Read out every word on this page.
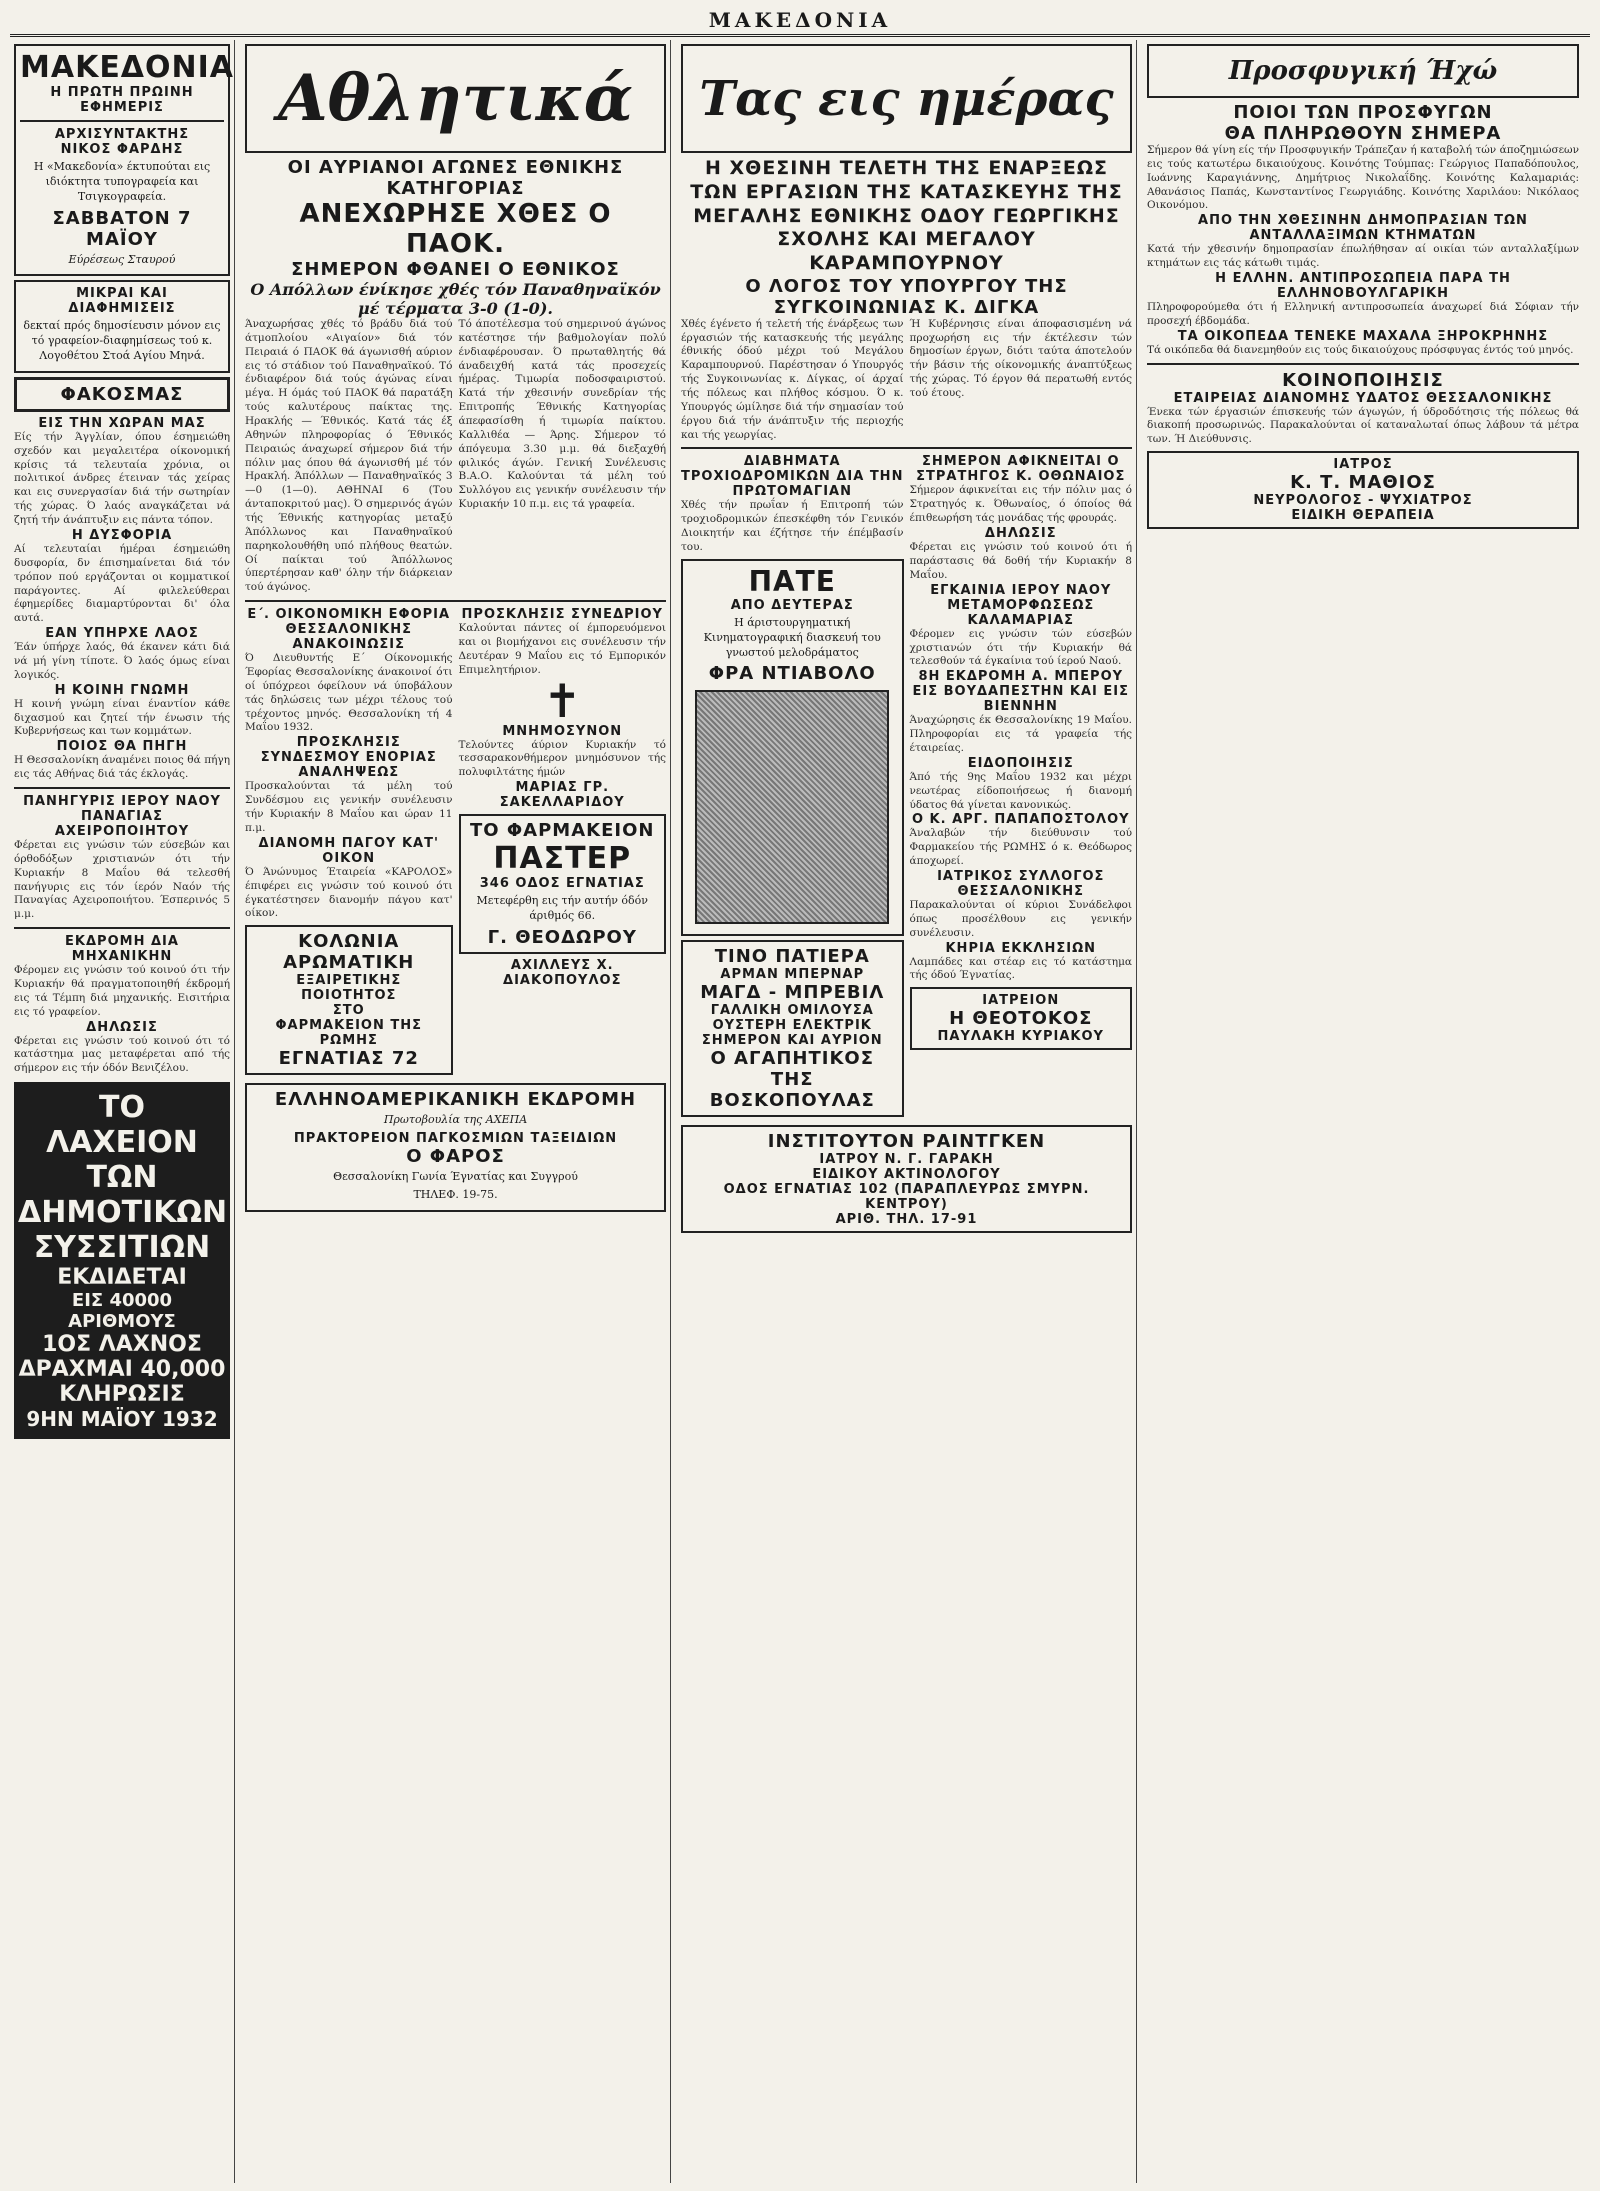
ΜΑΚΕΔΟΝΙΑ
ΜΑΚΕΔΟΝΙΑ
Η ΠΡΩΤΗ ΠΡΩΙΝΗ ΕΦΗΜΕΡΙΣ
ΑΡΧΙΣΥΝΤΑΚΤΗΣ
ΝΙΚΟΣ ΦΑΡΔΗΣ
Η «Μακεδονία» έκτυπούται εις ιδιόκτητα τυπογραφεία και Τσιγκογραφεία.
ΣΑΒΒΑΤΟΝ 7 ΜΑΪΟΥ
Εύρέσεως Σταυρού
ΜΙΚΡΑΙ ΚΑΙ ΔΙΑΦΗΜΙΣΕΙΣ
δεκταί πρός δημοσίευσιν μόνον εις τό γραφείον-διαφημίσεως τού κ. Λογοθέτου Στοά Αγίου Μηνά.
ΦΑΚΟΣΜΑΣ
ΕΙΣ ΤΗΝ ΧΩΡΑΝ ΜΑΣ
Είς τήν Άγγλίαν, όπου έσημειώθη σχεδόν και μεγαλειτέρα οίκονομική κρίσις τά τελευταία χρόνια, οι πολιτικοί άνδρες έτειναν τάς χείρας και εις συνεργασίαν διά τήν σωτηρίαν τής χώρας. Ό λαός αναγκάζεται νά ζητή τήν άνάπτυξιν εις πάντα τόπον.
Η ΔΥΣΦΟΡΙΑ
Αί τελευταίαι ήμέραι έσημειώθη δυσφορία, δν έπισημαίνεται διά τόν τρόπον πού εργάζονται οι κομματικοί παράγοντες. Αί φιλελεύθεραι έφημερίδες διαμαρτύρονται δι' όλα αυτά.
ΕΑΝ ΥΠΗΡΧΕ ΛΑΟΣ
Έάν ύπήρχε λαός, θά έκανεν κάτι διά νά μή γίνη τίποτε. Ό λαός όμως είναι λογικός.
Η ΚΟΙΝΗ ΓΝΩΜΗ
Η κοινή γνώμη είναι έναντίον κάθε διχασμού και ζητεί τήν ένωσιν τής Κυβερνήσεως και των κομμάτων.
ΠΟΙΟΣ ΘΑ ΠΗΓΗ
Η Θεσσαλονίκη άναμένει ποιος θά πήγη εις τάς Αθήνας διά τάς έκλογάς.
ΠΑΝΗΓΥΡΙΣ ΙΕΡΟΥ ΝΑΟΥ ΠΑΝΑΓΙΑΣ ΑΧΕΙΡΟΠΟΙΗΤΟΥ
Φέρεται εις γνώσιν τών εύσεβών και όρθοδόξων χριστιανών ότι τήν Κυριακήν 8 Μαΐου θά τελεσθή πανήγυρις εις τόν ίερόν Ναόν τής Παναγίας Αχειροποιήτου. Έσπερινός 5 μ.μ.
ΕΚΔΡΟΜΗ ΔΙΑ ΜΗΧΑΝΙΚΗΝ
Φέρομεν εις γνώσιν τού κοινού ότι τήν Κυριακήν θά πραγματοποιηθή έκδρομή εις τά Τέμπη διά μηχανικής. Εισιτήρια εις τό γραφείον.
ΔΗΛΩΣΙΣ
Φέρεται εις γνώσιν τού κοινού ότι τό κατάστημα μας μεταφέρεται από τής σήμερον εις τήν όδόν Βενιζέλου.
ΤΟ ΛΑΧΕΙΟΝ
ΤΩΝ
ΔΗΜΟΤΙΚΩΝ
ΣΥΣΣΙΤΙΩΝ
ΕΚΔΙΔΕΤΑΙ
ΕΙΣ 40000 ΑΡΙΘΜΟΥΣ
1ΟΣ ΛΑΧΝΟΣ
ΔΡΑΧΜΑΙ 40,000
ΚΛΗΡΩΣΙΣ
9ΗΝ ΜΑΪΟΥ 1932
Αθλητικά
ΟΙ ΑΥΡΙΑΝΟΙ ΑΓΩΝΕΣ ΕΘΝΙΚΗΣ ΚΑΤΗΓΟΡΙΑΣ
ΑΝΕΧΩΡΗΣΕ ΧΘΕΣ Ο ΠΑΟΚ.
ΣΗΜΕΡΟΝ ΦΘΑΝΕΙ Ο ΕΘΝΙΚΟΣ
Ο Απόλλων ένίκησε χθές τόν Παναθηναϊκόν μέ τέρματα 3-0 (1-0).
Άναχωρήσας χθές τό βράδυ διά τού άτμοπλοίου «Αιγαίον» διά τόν Πειραιά ό ΠΑΟΚ θά άγωνισθή αύριον εις τό στάδιον τού Παναθηναϊκού. Τό ένδιαφέρον διά τούς άγώνας είναι μέγα. Η όμάς τού ΠΑΟΚ θά παρατάξη τούς καλυτέρους παίκτας της. Ηρακλής — Έθνικός. Κατά τάς έξ Αθηνών πληροφορίας ό Έθνικός Πειραιώς άναχωρεί σήμερον διά τήν πόλιν μας όπου θά άγωνισθή μέ τόν Ηρακλή. Άπόλλων — Παναθηναϊκός 3—0 (1—0). ΑΘΗΝΑΙ 6 (Του άνταποκριτού μας). Ό σημερινός άγών τής Έθνικής κατηγορίας μεταξύ Άπόλλωνος και Παναθηναϊκού παρηκολουθήθη υπό πλήθους θεατών. Οί παίκται τού Άπόλλωνος ύπερτέρησαν καθ' όλην τήν διάρκειαν τού άγώνος.
Τό άποτέλεσμα τού σημερινού άγώνος κατέστησε τήν βαθμολογίαν πολύ ένδιαφέρουσαν. Ό πρωταθλητής θά άναδειχθή κατά τάς προσεχείς ήμέρας. Τιμωρία ποδοσφαιριστού. Κατά τήν χθεσινήν συνεδρίαν τής Επιτροπής Έθνικής Κατηγορίας άπεφασίσθη ή τιμωρία παίκτου. Καλλιθέα — Άρης. Σήμερον τό άπόγευμα 3.30 μ.μ. θά διεξαχθή φιλικός άγών. Γενική Συνέλευσις Β.Α.Ο. Καλούνται τά μέλη τού Συλλόγου εις γενικήν συνέλευσιν τήν Κυριακήν 10 π.μ. εις τά γραφεία.
Ε΄. ΟΙΚΟΝΟΜΙΚΗ ΕΦΟΡΙΑ ΘΕΣΣΑΛΟΝΙΚΗΣ
ΑΝΑΚΟΙΝΩΣΙΣ
Ό Διευθυντής Ε΄ Οίκονομικής Έφορίας Θεσσαλονίκης άνακοινοί ότι οί ύπόχρεοι όφείλουν νά ύποβάλουν τάς δηλώσεις των μέχρι τέλους τού τρέχοντος μηνός. Θεσσαλονίκη τή 4 Μαΐου 1932.
ΠΡΟΣΚΛΗΣΙΣ ΣΥΝΔΕΣΜΟΥ ΕΝΟΡΙΑΣ ΑΝΑΛΗΨΕΩΣ
Προσκαλούνται τά μέλη τού Συνδέσμου εις γενικήν συνέλευσιν τήν Κυριακήν 8 Μαΐου και ώραν 11 π.μ.
ΔΙΑΝΟΜΗ ΠΑΓΟΥ ΚΑΤ' ΟΙΚΟΝ
Ό Άνώνυμος Έταιρεία «ΚΑΡΟΛΟΣ» έπιφέρει εις γνώσιν τού κοινού ότι έγκατέστησεν διανομήν πάγου κατ' οίκον.
ΚΟΛΩΝΙΑ ΑΡΩΜΑΤΙΚΗ
ΕΞΑΙΡΕΤΙΚΗΣ ΠΟΙΟΤΗΤΟΣ
ΣΤΟ
ΦΑΡΜΑΚΕΙΟΝ ΤΗΣ ΡΩΜΗΣ
ΕΓΝΑΤΙΑΣ 72
ΠΡΟΣΚΛΗΣΙΣ ΣΥΝΕΔΡΙΟΥ
Καλούνται πάντες οί έμπορευόμενοι και οι βιομήχανοι εις συνέλευσιν τήν Δευτέραν 9 Μαΐου εις τό Εμπορικόν Επιμελητήριον.
✝
ΜΝΗΜΟΣΥΝΟΝ
Τελούντες άύριον Κυριακήν τό τεσσαρακονθήμερον μνημόσυνον τής πολυφιλτάτης ήμών
ΜΑΡΙΑΣ ΓΡ. ΣΑΚΕΛΛΑΡΙΔΟΥ
ΤΟ ΦΑΡΜΑΚΕΙΟΝ
ΠΑΣΤΕΡ
346 ΟΔΟΣ ΕΓΝΑΤΙΑΣ
Μετεφέρθη εις τήν αυτήν όδόν άριθμός 66.
Γ. ΘΕΟΔΩΡΟΥ
ΑΧΙΛΛΕΥΣ Χ. ΔΙΑΚΟΠΟΥΛΟΣ
ΕΛΛΗΝΟΑΜΕΡΙΚΑΝΙΚΗ ΕΚΔΡΟΜΗ
Πρωτοβουλία της ΑΧΕΠΑ
ΠΡΑΚΤΟΡΕΙΟΝ ΠΑΓΚΟΣΜΙΩΝ ΤΑΞΕΙΔΙΩΝ
Ο ΦΑΡΟΣ
Θεσσαλονίκη Γωνία Έγνατίας και Συγγρού
ΤΗΛΕΦ. 19-75.
Τας εις ημέρας
Η ΧΘΕΣΙΝΗ ΤΕΛΕΤΗ ΤΗΣ ΕΝΑΡΞΕΩΣ ΤΩΝ ΕΡΓΑΣΙΩΝ ΤΗΣ ΚΑΤΑΣΚΕΥΗΣ ΤΗΣ ΜΕΓΑΛΗΣ ΕΘΝΙΚΗΣ ΟΔΟΥ ΓΕΩΡΓΙΚΗΣ ΣΧΟΛΗΣ ΚΑΙ ΜΕΓΑΛΟΥ ΚΑΡΑΜΠΟΥΡΝΟΥ
Ο ΛΟΓΟΣ ΤΟΥ ΥΠΟΥΡΓΟΥ ΤΗΣ ΣΥΓΚΟΙΝΩΝΙΑΣ Κ. ΔΙΓΚΑ
Χθές έγένετο ή τελετή τής ένάρξεως των έργασιών τής κατασκευής τής μεγάλης έθνικής όδού μέχρι τού Μεγάλου Καραμπουρνού. Παρέστησαν ό Υπουργός τής Συγκοινωνίας κ. Δίγκας, οί άρχαί τής πόλεως και πλήθος κόσμου. Ό κ. Υπουργός ώμίλησε διά τήν σημασίαν τού έργου διά τήν άνάπτυξιν τής περιοχής και τής γεωργίας.
Ή Κυβέρνησις είναι άποφασισμένη νά προχωρήση εις τήν έκτέλεσιν τών δημοσίων έργων, διότι ταύτα άποτελούν τήν βάσιν τής οίκονομικής άναπτύξεως τής χώρας. Τό έργον θά περατωθή εντός τού έτους.
ΔΙΑΒΗΜΑΤΑ ΤΡΟΧΙΟΔΡΟΜΙΚΩΝ ΔΙΑ ΤΗΝ ΠΡΩΤΟΜΑΓΙΑΝ
Χθές τήν πρωΐαν ή Επιτροπή τών τροχιοδρομικών έπεσκέφθη τόν Γενικόν Διοικητήν και έζήτησε τήν έπέμβασίν του.
ΠΑΤΕ
ΑΠΟ ΔΕΥΤΕΡΑΣ
Η άριστουργηματική Κινηματογραφική διασκευή του γνωστού μελοδράματος
ΦΡΑ ΝΤΙΑΒΟΛΟ
ΤΙΝΟ ΠΑΤΙΕΡΑ
ΑΡΜΑΝ ΜΠΕΡΝΑΡ
ΜΑΓΔ - ΜΠΡΕΒΙΛ
ΓΑΛΛΙΚΗ ΟΜΙΛΟΥΣΑ
ΟΥΣΤΕΡΗ ΕΛΕΚΤΡΙΚ
ΣΗΜΕΡΟΝ ΚΑΙ ΑΥΡΙΟΝ
Ο ΑΓΑΠΗΤΙΚΟΣ
ΤΗΣ ΒΟΣΚΟΠΟΥΛΑΣ
ΣΗΜΕΡΟΝ ΑΦΙΚΝΕΙΤΑΙ Ο ΣΤΡΑΤΗΓΟΣ Κ. ΟΘΩΝΑΙΟΣ
Σήμερον άφικνείται εις τήν πόλιν μας ό Στρατηγός κ. Όθωναίος, ό όποίος θά έπιθεωρήση τάς μονάδας τής φρουράς.
ΔΗΛΩΣΙΣ
Φέρεται εις γνώσιν τού κοινού ότι ή παράστασις θά δοθή τήν Κυριακήν 8 Μαΐου.
ΕΓΚΑΙΝΙΑ ΙΕΡΟΥ ΝΑΟΥ ΜΕΤΑΜΟΡΦΩΣΕΩΣ ΚΑΛΑΜΑΡΙΑΣ
Φέρομεν εις γνώσιν τών εύσεβών χριστιανών ότι τήν Κυριακήν θά τελεσθούν τά έγκαίνια τού ίερού Ναού.
8Η ΕΚΔΡΟΜΗ Α. ΜΠΕΡΟΥ ΕΙΣ ΒΟΥΔΑΠΕΣΤΗΝ ΚΑΙ ΕΙΣ ΒΙΕΝΝΗΝ
Άναχώρησις έκ Θεσσαλονίκης 19 Μαΐου. Πληροφορίαι εις τά γραφεία τής έταιρείας.
ΕΙΔΟΠΟΙΗΣΙΣ
Άπό τής 9ης Μαΐου 1932 και μέχρι νεωτέρας είδοποιήσεως ή διανομή ύδατος θά γίνεται κανονικώς.
Ο Κ. ΑΡΓ. ΠΑΠΑΠΟΣΤΟΛΟΥ
Άναλαβών τήν διεύθυνσιν τού Φαρμακείου τής ΡΩΜΗΣ ό κ. Θεόδωρος άποχωρεί.
ΙΑΤΡΙΚΟΣ ΣΥΛΛΟΓΟΣ ΘΕΣΣΑΛΟΝΙΚΗΣ
Παρακαλούνται οί κύριοι Συνάδελφοι όπως προσέλθουν εις γενικήν συνέλευσιν.
ΚΗΡΙΑ ΕΚΚΛΗΣΙΩΝ
Λαμπάδες και στέαρ εις τό κατάστημα τής όδού Έγνατίας.
ΙΑΤΡΕΙΟΝ
Η ΘΕΟΤΟΚΟΣ
ΠΑΥΛΑΚΗ ΚΥΡΙΑΚΟΥ
ΙΝΣΤΙΤΟΥΤΟΝ ΡΑΙΝΤΓΚΕΝ
ΙΑΤΡΟΥ Ν. Γ. ΓΑΡΑΚΗ
ΕΙΔΙΚΟΥ ΑΚΤΙΝΟΛΟΓΟΥ
ΟΔΟΣ ΕΓΝΑΤΙΑΣ 102 (ΠΑΡΑΠΛΕΥΡΩΣ ΣΜΥΡΝ. ΚΕΝΤΡΟΥ)
ΑΡΙΘ. ΤΗΛ. 17-91
Προσφυγική Ήχώ
ΠΟΙΟΙ ΤΩΝ ΠΡΟΣΦΥΓΩΝ
ΘΑ ΠΛΗΡΩΘΟΥΝ ΣΗΜΕΡΑ
Σήμερον θά γίνη είς τήν Προσφυγικήν Τράπεζαν ή καταβολή τών άποζημιώσεων εις τούς κατωτέρω δικαιούχους. Κοινότης Τούμπας: Γεώργιος Παπαδόπουλος, Ιωάννης Καραγιάννης, Δημήτριος Νικολαΐδης. Κοινότης Καλαμαριάς: Αθανάσιος Παπάς, Κωνσταντίνος Γεωργιάδης. Κοινότης Χαριλάου: Νικόλαος Οικονόμου.
ΑΠΟ ΤΗΝ ΧΘΕΣΙΝΗΝ ΔΗΜΟΠΡΑΣΙΑΝ ΤΩΝ ΑΝΤΑΛΛΑΞΙΜΩΝ ΚΤΗΜΑΤΩΝ
Κατά τήν χθεσινήν δημοπρασίαν έπωλήθησαν αί οικίαι τών ανταλλαξίμων κτημάτων εις τάς κάτωθι τιμάς.
Η ΕΛΛΗΝ. ΑΝΤΙΠΡΟΣΩΠΕΙΑ ΠΑΡΑ ΤΗ ΕΛΛΗΝΟΒΟΥΛΓΑΡΙΚΗ
Πληροφορούμεθα ότι ή Ελληνική αντιπροσωπεία άναχωρεί διά Σόφιαν τήν προσεχή έβδομάδα.
ΤΑ ΟΙΚΟΠΕΔΑ ΤΕΝΕΚΕ ΜΑΧΑΛΑ ΞΗΡΟΚΡΗΝΗΣ
Τά οικόπεδα θά διανεμηθούν εις τούς δικαιούχους πρόσφυγας έντός τού μηνός.
ΚΟΙΝΟΠΟΙΗΣΙΣ
ΕΤΑΙΡΕΙΑΣ ΔΙΑΝΟΜΗΣ ΥΔΑΤΟΣ ΘΕΣΣΑΛΟΝΙΚΗΣ
Ένεκα τών έργασιών έπισκευής τών άγωγών, ή ύδροδότησις τής πόλεως θά διακοπή προσωρινώς. Παρακαλούνται οί καταναλωταί όπως λάβουν τά μέτρα των. Ή Διεύθυνσις.
ΙΑΤΡΟΣ
Κ. Τ. ΜΑΘΙΟΣ
ΝΕΥΡΟΛΟΓΟΣ - ΨΥΧΙΑΤΡΟΣ
ΕΙΔΙΚΗ ΘΕΡΑΠΕΙΑ
